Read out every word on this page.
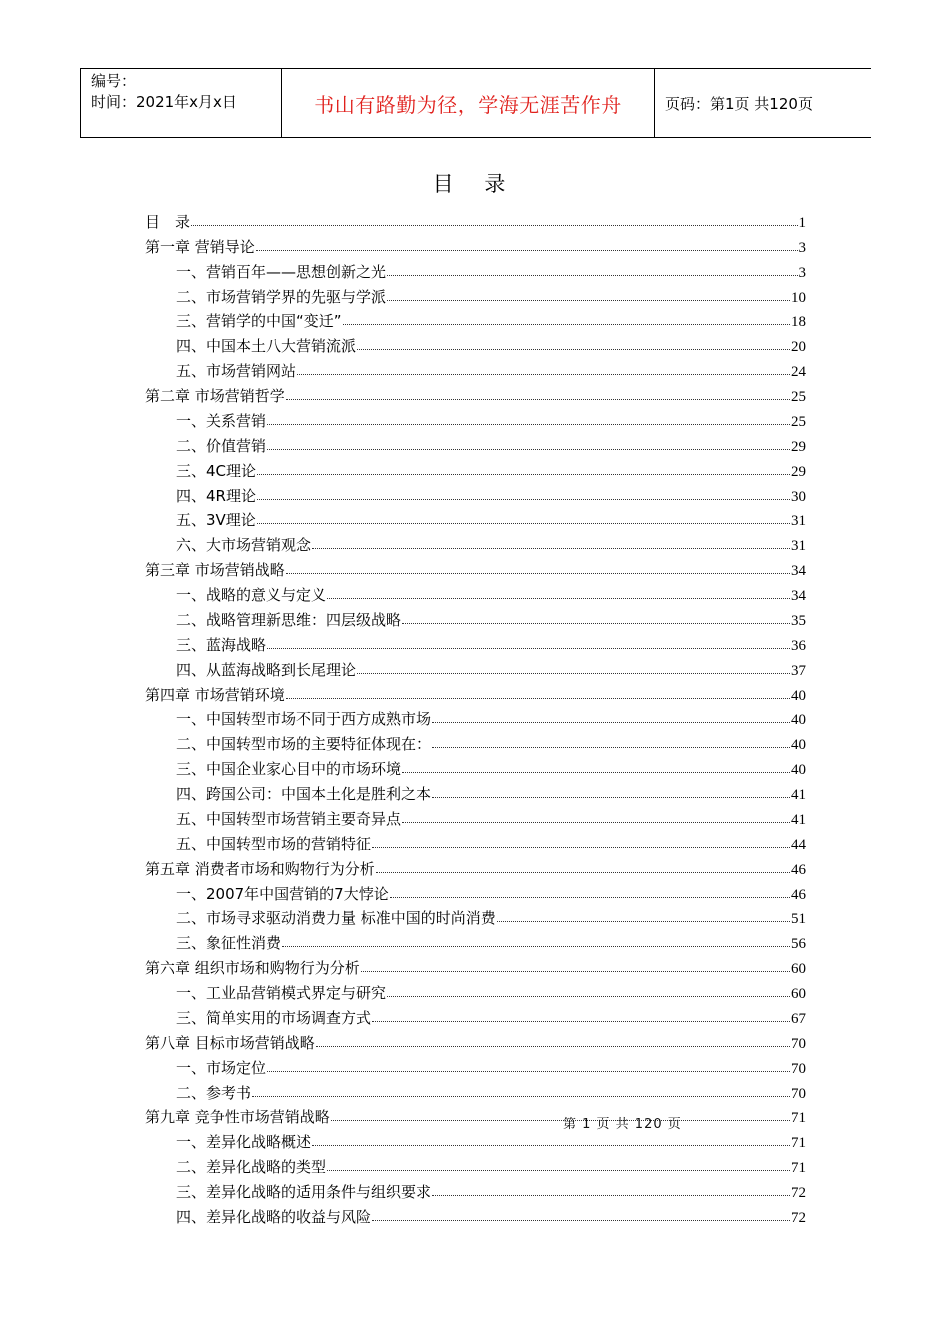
编号：
时间：2021年x月x日	书山有路勤为径，学海无涯苦作舟	页码：第1页 共120页
目 录
目　录	1
第一章 营销导论	3
一、营销百年——思想创新之光	3
二、市场营销学界的先驱与学派	10
三、营销学的中国“变迁”	18
四、中国本土八大营销流派	20
五、市场营销网站	24
第二章 市场营销哲学	25
一、关系营销	25
二、价值营销	29
三、4C理论	29
四、4R理论	30
五、3V理论	31
六、大市场营销观念	31
第三章 市场营销战略	34
一、战略的意义与定义	34
二、战略管理新思维：四层级战略	35
三、蓝海战略	36
四、从蓝海战略到长尾理论	37
第四章 市场营销环境	40
一、中国转型市场不同于西方成熟市场	40
二、中国转型市场的主要特征体现在：	40
三、中国企业家心目中的市场环境	40
四、跨国公司：中国本土化是胜利之本	41
五、中国转型市场营销主要奇异点	41
五、中国转型市场的营销特征	44
第五章 消费者市场和购物行为分析	46
一、2007年中国营销的7大悖论	46
二、市场寻求驱动消费力量 标准中国的时尚消费	51
三、象征性消费	56
第六章 组织市场和购物行为分析	60
一、工业品营销模式界定与研究	60
三、简单实用的市场调查方式	67
第八章 目标市场营销战略	70
一、市场定位	70
二、参考书	70
第九章 竞争性市场营销战略	71
一、差异化战略概述	71
二、差异化战略的类型	71
三、差异化战略的适用条件与组织要求	72
四、差异化战略的收益与风险	72
第 1 页 共 120 页
